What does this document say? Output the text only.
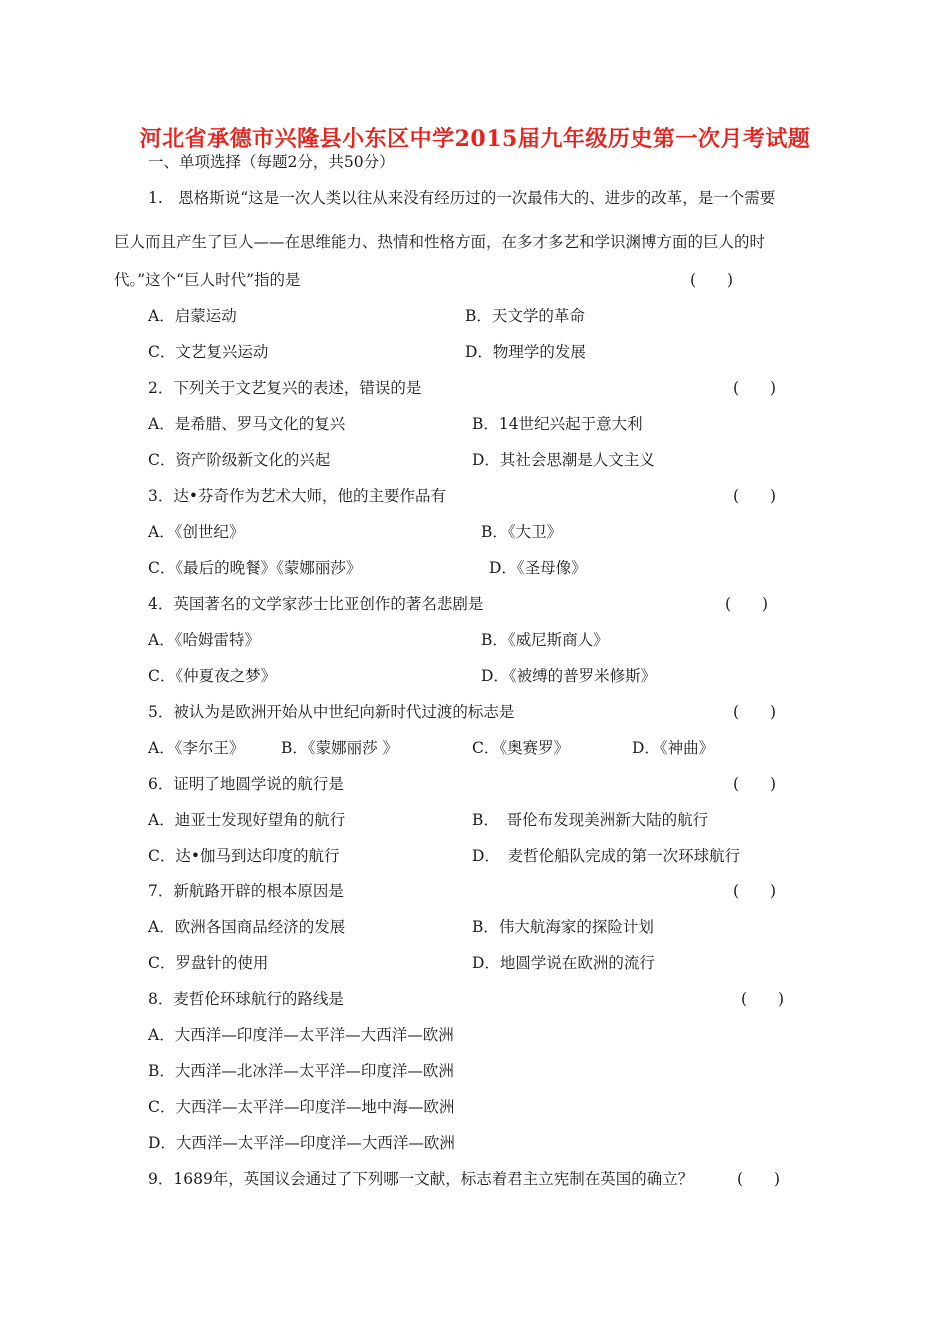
河北省承德市兴隆县小东区中学2015届九年级历史第一次月考试题
一、单项选择（每题2分，共50分）
1.　恩格斯说“这是一次人类以往从来没有经历过的一次最伟大的、进步的改革，是一个需要
巨人而且产生了巨人——在思维能力、热情和性格方面，在多才多艺和学识渊博方面的巨人的时
代。”这个“巨人时代”指的是	(　　)
A．启蒙运动	B．天文学的革命
C．文艺复兴运动	D．物理学的发展
2．下列关于文艺复兴的表述，错误的是	(　　)
A．是希腊、罗马文化的复兴	B．14世纪兴起于意大利
C．资产阶级新文化的兴起	D．其社会思潮是人文主义
3．达•芬奇作为艺术大师，他的主要作品有	(　　)
A．《创世纪》	B．《大卫》
C．《最后的晚餐》《蒙娜丽莎》	D．《圣母像》
4．英国著名的文学家莎士比亚创作的著名悲剧是	(　　)
A．《哈姆雷特》	B．《威尼斯商人》
C．《仲夏夜之梦》	D．《被缚的普罗米修斯》
5．被认为是欧洲开始从中世纪向新时代过渡的标志是	(　　)
A．《李尔王》 B．《蒙娜丽莎 》	C．《奥赛罗》	D．《神曲》
6．证明了地圆学说的航行是	(　　)
A．迪亚士发现好望角的航行	B．　哥伦布发现美洲新大陆的航行
C．达•伽马到达印度的航行	D．　麦哲伦船队完成的第一次环球航行
7．新航路开辟的根本原因是	(　　)
A．欧洲各国商品经济的发展	B．伟大航海家的探险计划
C．罗盘针的使用	D．地圆学说在欧洲的流行
8．麦哲伦环球航行的路线是	(　　)
A．大西洋—印度洋—太平洋—大西洋—欧洲
B．大西洋—北冰洋—太平洋—印度洋—欧洲
C．大西洋—太平洋—印度洋—地中海—欧洲
D．大西洋—太平洋—印度洋—大西洋—欧洲
9．1689年，英国议会通过了下列哪一文献，标志着君主立宪制在英国的确立？	(　　)
